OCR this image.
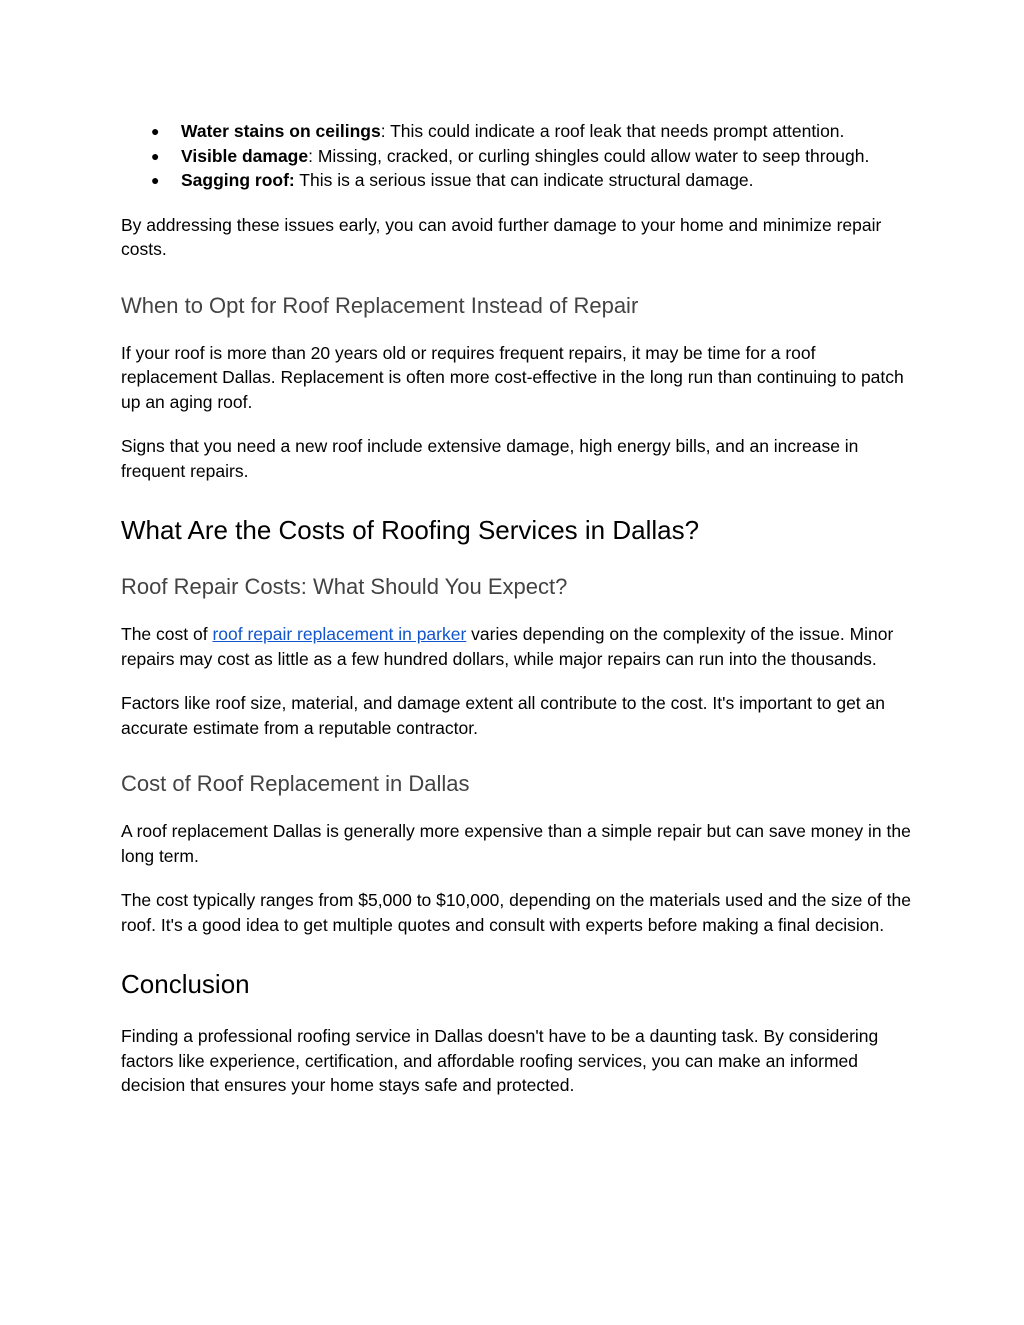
● Water stains on ceilings: This could indicate a roof leak that needs prompt attention.
● Visible damage: Missing, cracked, or curling shingles could allow water to seep through.
● Sagging roof: This is a serious issue that can indicate structural damage.

By addressing these issues early, you can avoid further damage to your home and minimize repair costs.

When to Opt for Roof Replacement Instead of Repair

If your roof is more than 20 years old or requires frequent repairs, it may be time for a roof replacement Dallas. Replacement is often more cost-effective in the long run than continuing to patch up an aging roof.

Signs that you need a new roof include extensive damage, high energy bills, and an increase in frequent repairs.

What Are the Costs of Roofing Services in Dallas?
Roof Repair Costs: What Should You Expect?

The cost of roof repair replacement in parker varies depending on the complexity of the issue. Minor repairs may cost as little as a few hundred dollars, while major repairs can run into the thousands.

Factors like roof size, material, and damage extent all contribute to the cost. It's important to get an accurate estimate from a reputable contractor.

Cost of Roof Replacement in Dallas

A roof replacement Dallas is generally more expensive than a simple repair but can save money in the long term.

The cost typically ranges from $5,000 to $10,000, depending on the materials used and the size of the roof. It's a good idea to get multiple quotes and consult with experts before making a final decision.

Conclusion

Finding a professional roofing service in Dallas doesn't have to be a daunting task. By considering factors like experience, certification, and affordable roofing services, you can make an informed decision that ensures your home stays safe and protected.
